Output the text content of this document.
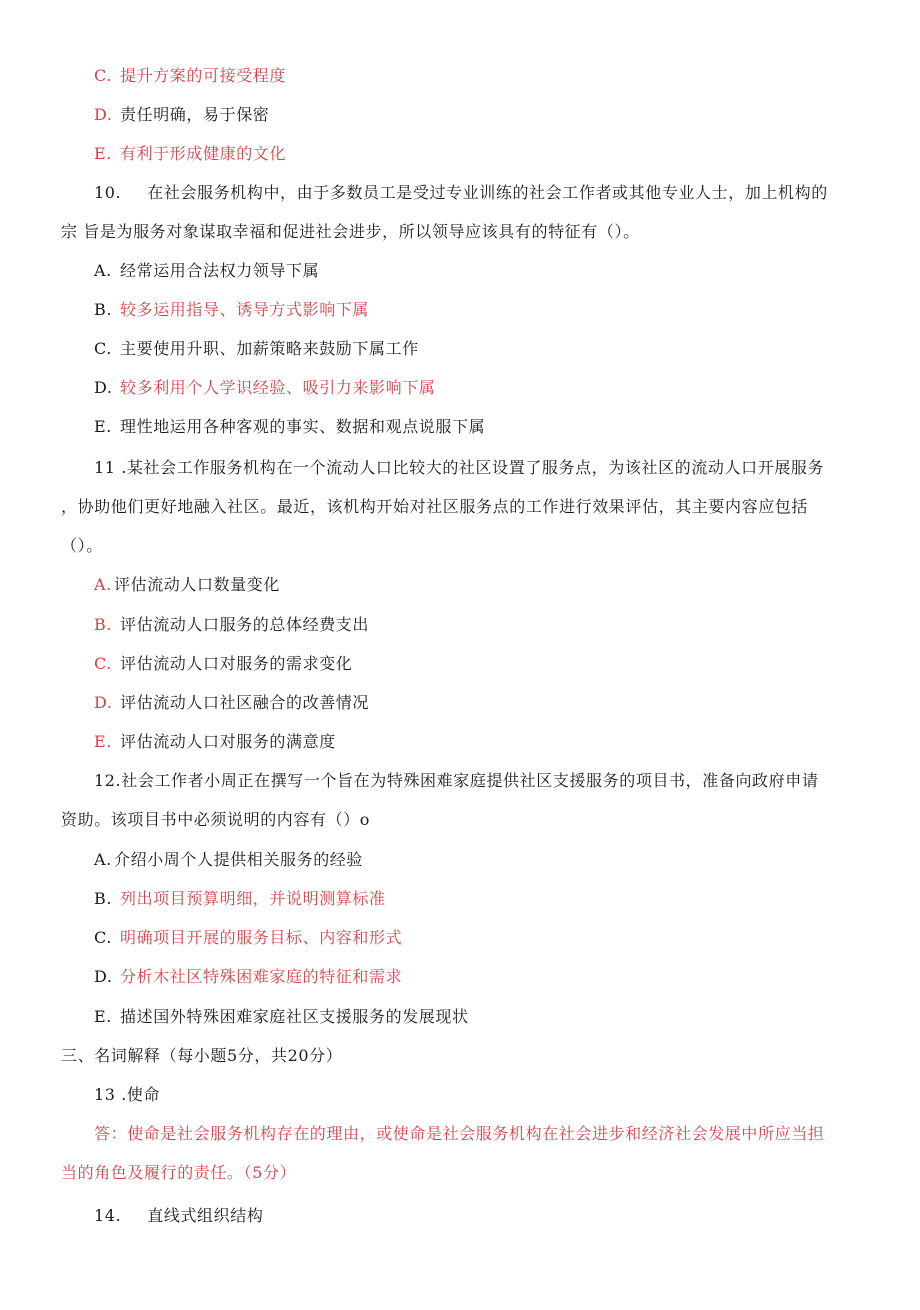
C. 提升方案的可接受程度
D. 责任明确，易于保密
E. 有利于形成健康的文化
10. 在社会服务机构中，由于多数员工是受过专业训练的社会工作者或其他专业人士，加上机构的
宗 旨是为服务对象谋取幸福和促进社会进步，所以领导应该具有的特征有（）。
A. 经常运用合法权力领导下属
B. 较多运用指导、诱导方式影响下属
C. 主要使用升职、加薪策略来鼓励下属工作
D. 较多利用个人学识经验、吸引力来影响下属
E. 理性地运用各种客观的事实、数据和观点说服下属
11 .某社会工作服务机构在一个流动人口比较大的社区设置了服务点，为该社区的流动人口开展服务
，协助他们更好地融入社区。最近，该机构开始对社区服务点的工作进行效果评估，其主要内容应包括
（）。
A. 评估流动人口数量变化
B. 评估流动人口服务的总体经费支出
C. 评估流动人口对服务的需求变化
D. 评估流动人口社区融合的改善情况
E. 评估流动人口对服务的满意度
12.社会工作者小周正在撰写一个旨在为特殊困难家庭提供社区支援服务的项目书，准备向政府申请
资助。该项目书中必须说明的内容有（）o
A. 介绍小周个人提供相关服务的经验
B. 列出项目预算明细，并说明测算标准
C. 明确项目开展的服务目标、内容和形式
D. 分析木社区特殊困难家庭的特征和需求
E. 描述国外特殊困难家庭社区支援服务的发展现状
三、名词解释（每小题5分，共20分）
13 .使命
答：使命是社会服务机构存在的理由，或使命是社会服务机构在社会进步和经济社会发展中所应当担
当的角色及履行的责任。（5分）
14. 直线式组织结构
